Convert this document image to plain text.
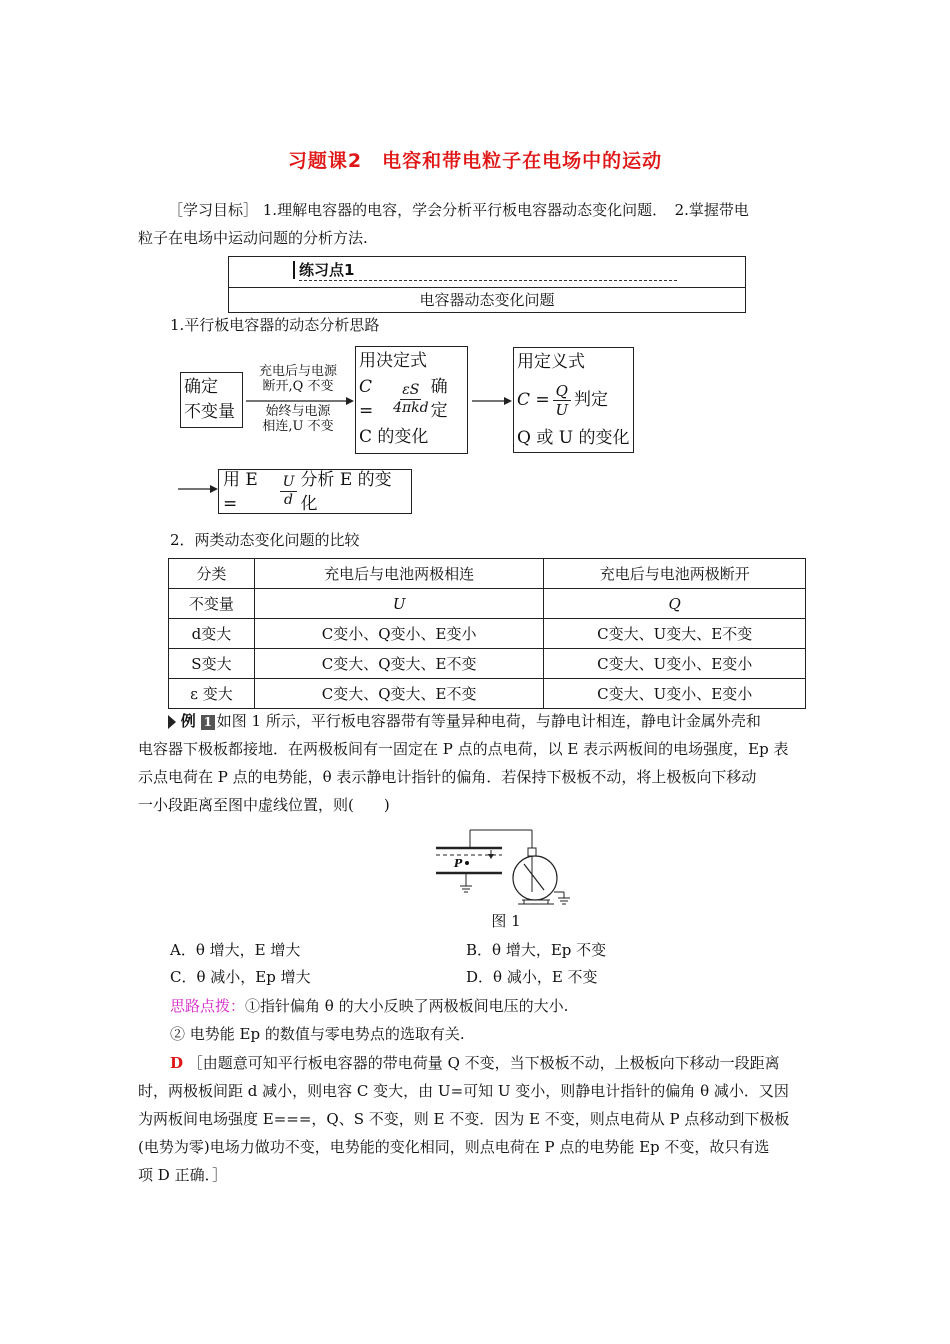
习题课2　电容和带电粒子在电场中的运动
［学习目标］ 1.理解电容器的电容，学会分析平行板电容器动态变化问题．　2.掌握带电
粒子在电场中运动问题的分析方法.
练习点1
电容器动态变化问题
1.平行板电容器的动态分析思路
确定
不变量
充电后与电源
断开,Q 不变
始终与电源
相连,U 不变
用决定式
C =
εS
4πkd
确定
C 的变化
用定义式
$C = \frac{Q}{U}$ 判定
Q 或 U 的变化
用 E =	$\frac{U}{d}$ 分析 E 的变化
2．两类动态变化问题的比较
分类	充电后与电池两极相连	充电后与电池两极断开
不变量	U	Q
d变大	C变小、Q变小、E变小	C变大、U变大、E不变
S变大	C变大、Q变大、E不变	C变大、U变小、E变小
ε 变大	C变大、Q变大、E不变	C变大、U变小、E变小
例 1 如图 1 所示，平行板电容器带有等量异种电荷，与静电计相连，静电计金属外壳和
电容器下极板都接地．在两极板间有一固定在 P 点的点电荷，以 E 表示两板间的电场强度，Ep 表
示点电荷在 P 点的电势能，θ 表示静电计指针的偏角．若保持下极板不动，将上极板向下移动
一小段距离至图中虚线位置，则(　　)
P
图 1
A．θ 增大，E 增大	B．θ 增大，Ep 不变
C．θ 减小，Ep 增大	D．θ 减小，E 不变
思路点拨：①指针偏角 θ 的大小反映了两极板间电压的大小.
② 电势能 Ep 的数值与零电势点的选取有关.
D ［由题意可知平行板电容器的带电荷量 Q 不变，当下极板不动，上极板向下移动一段距离
时，两极板间距 d 减小，则电容 C 变大，由 U=可知 U 变小，则静电计指针的偏角 θ 减小．又因
为两板间电场强度 E===，Q、S 不变，则 E 不变．因为 E 不变，则点电荷从 P 点移动到下极板
(电势为零)电场力做功不变，电势能的变化相同，则点电荷在 P 点的电势能 Ep 不变，故只有选
项 D 正确．］
